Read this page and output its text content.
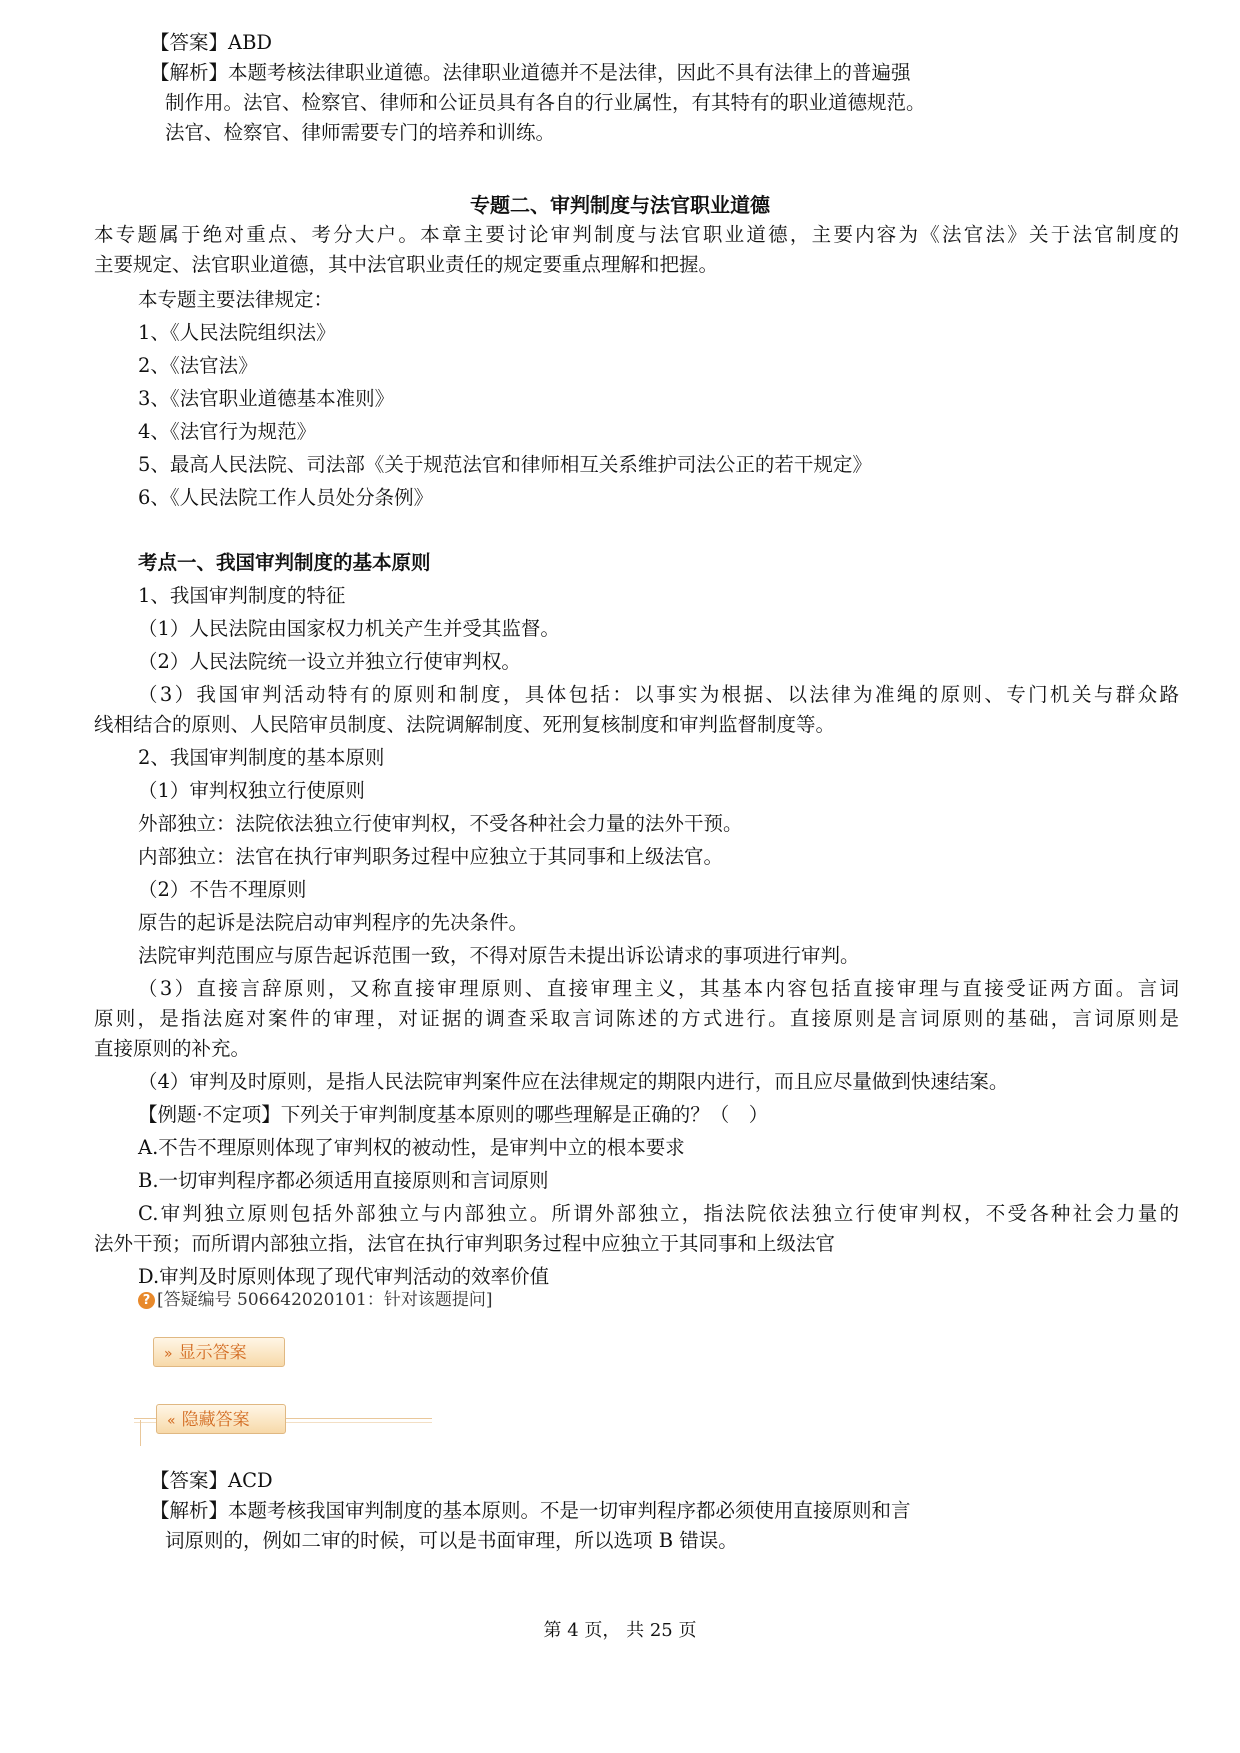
【答案】ABD
【解析】本题考核法律职业道德。法律职业道德并不是法律，因此不具有法律上的普遍强
制作用。法官、检察官、律师和公证员具有各自的行业属性，有其特有的职业道德规范。
法官、检察官、律师需要专门的培养和训练。
专题二、审判制度与法官职业道德
本专题属于绝对重点、考分大户。本章主要讨论审判制度与法官职业道德，主要内容为《法官法》关于法官制度的
主要规定、法官职业道德，其中法官职业责任的规定要重点理解和把握。
本专题主要法律规定：
1、《人民法院组织法》
2、《法官法》
3、《法官职业道德基本准则》
4、《法官行为规范》
5、最高人民法院、司法部《关于规范法官和律师相互关系维护司法公正的若干规定》
6、《人民法院工作人员处分条例》
考点一、我国审判制度的基本原则
1、我国审判制度的特征
（1）人民法院由国家权力机关产生并受其监督。
（2）人民法院统一设立并独立行使审判权。
（3）我国审判活动特有的原则和制度，具体包括：以事实为根据、以法律为准绳的原则、专门机关与群众路
线相结合的原则、人民陪审员制度、法院调解制度、死刑复核制度和审判监督制度等。
2、我国审判制度的基本原则
（1）审判权独立行使原则
外部独立：法院依法独立行使审判权，不受各种社会力量的法外干预。
内部独立：法官在执行审判职务过程中应独立于其同事和上级法官。
（2）不告不理原则
原告的起诉是法院启动审判程序的先决条件。
法院审判范围应与原告起诉范围一致，不得对原告未提出诉讼请求的事项进行审判。
（3）直接言辞原则，又称直接审理原则、直接审理主义，其基本内容包括直接审理与直接受证两方面。言词
原则，是指法庭对案件的审理，对证据的调查采取言词陈述的方式进行。直接原则是言词原则的基础，言词原则是
直接原则的补充。
（4）审判及时原则，是指人民法院审判案件应在法律规定的期限内进行，而且应尽量做到快速结案。
【例题·不定项】下列关于审判制度基本原则的哪些理解是正确的？（　）
A.不告不理原则体现了审判权的被动性，是审判中立的根本要求
B.一切审判程序都必须适用直接原则和言词原则
C.审判独立原则包括外部独立与内部独立。所谓外部独立，指法院依法独立行使审判权，不受各种社会力量的
法外干预；而所谓内部独立指，法官在执行审判职务过程中应独立于其同事和上级法官
D.审判及时原则体现了现代审判活动的效率价值
? [答疑编号 506642020101：针对该题提问]
» 显示答案
« 隐藏答案
【答案】ACD
【解析】本题考核我国审判制度的基本原则。不是一切审判程序都必须使用直接原则和言
词原则的，例如二审的时候，可以是书面审理，所以选项 B 错误。
第 4 页， 共 25 页
